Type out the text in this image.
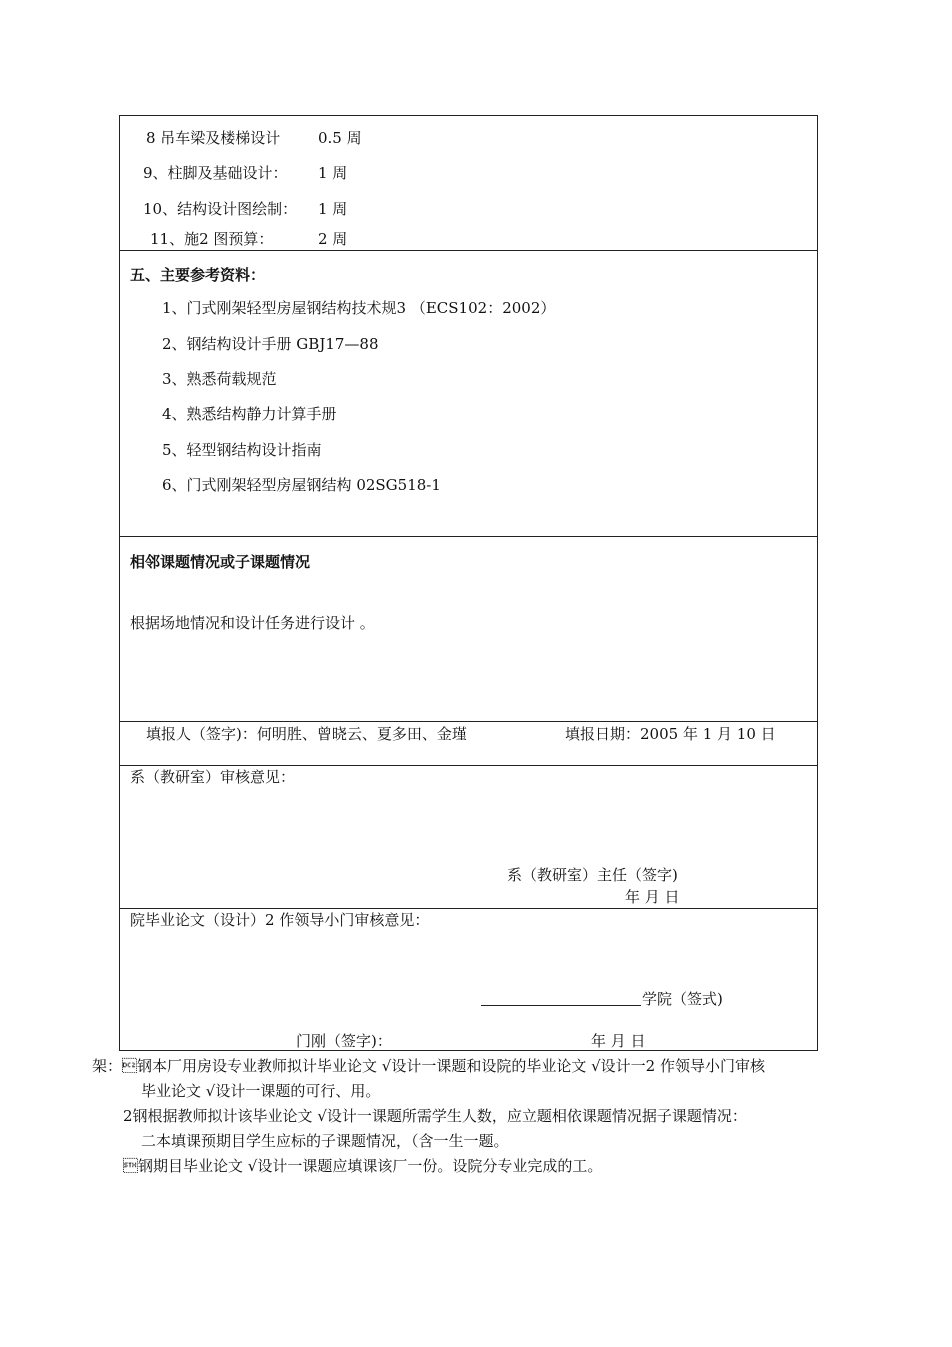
8 吊车梁及楼梯设计	0.5 周
9、柱脚及基础设计： 1 周
10、结构设计图绘制： 1 周
11、施2 图预算：	2 周
五、主要参考资料：
1、门式刚架轻型房屋钢结构技术规3 （ECS102：2002）
2、钢结构设计手册 GBJ17—88
3、熟悉荷载规范
4、熟悉结构静力计算手册
5、轻型钢结构设计指南
6、门式刚架轻型房屋钢结构 02SG518-1
相邻课题情况或子课题情况
根据场地情况和设计任务进行设计 。
填报人（签字)：何明胜、曾晓云、夏多田、金瑾	填报日期：2005 年 1 月 10 日
系（教研室）审核意见：
系（教研室）主任（签字)
年 月 日
院毕业论文（设计）2 作领导小门审核意见：
学院（签式)
门刚（签字)：	年 月 日
架：钢本厂用房设专业教师拟计毕业论文 √设计一课题和设院的毕业论文 √设计一2 作领导小门审核
毕业论文 √设计一课题的可行、用。
2钢根据教师拟计该毕业论文 √设计一课题所需学生人数，应立题相依课题情况据子课题情况：
二本填课预期目学生应标的子课题情况，（含一生一题。
钢期目毕业论文 √设计一课题应填课该厂一份。设院分专业完成的工。
